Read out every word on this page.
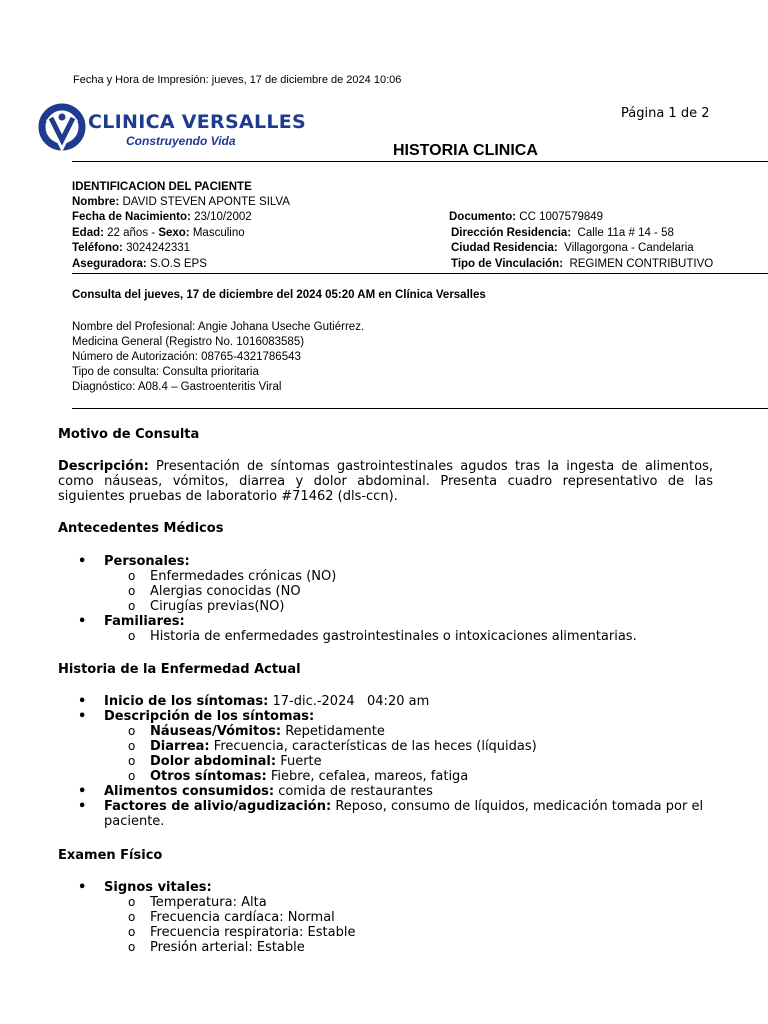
Fecha y Hora de Impresión: jueves, 17 de diciembre de 2024 10:06
CLINICA VERSALLES
Construyendo Vida
Página 1 de 2
HISTORIA CLINICA
IDENTIFICACION DEL PACIENTE
Nombre: DAVID STEVEN APONTE SILVA
Fecha de Nacimiento: 23/10/2002
Edad: 22 años - Sexo: Masculino
Teléfono: 3024242331
Aseguradora: S.O.S EPS
Documento: CC 1007579849
Dirección Residencia: Calle 11a # 14 - 58
Ciudad Residencia: Villagorgona - Candelaria
Tipo de Vinculación: REGIMEN CONTRIBUTIVO
Consulta del jueves, 17 de diciembre del 2024 05:20 AM en Clínica Versalles
Nombre del Profesional: Angie Johana Useche Gutiérrez.
Medicina General (Registro No. 1016083585)
Número de Autorización: 08765-4321786543
Tipo de consulta: Consulta prioritaria
Diagnóstico: A08.4 – Gastroenteritis Viral
Motivo de Consulta
Descripción: Presentación de síntomas gastrointestinales agudos tras la ingesta de alimentos, como náuseas, vómitos, diarrea y dolor abdominal. Presenta cuadro representativo de las siguientes pruebas de laboratorio #71462 (dls-ccn).
Antecedentes Médicos
• Personales:
o Enfermedades crónicas (NO)
o Alergias conocidas (NO
o Cirugías previas(NO)
• Familiares:
o Historia de enfermedades gastrointestinales o intoxicaciones alimentarias.
Historia de la Enfermedad Actual
• Inicio de los síntomas: 17-dic.-2024   04:20 am
• Descripción de los síntomas:
o Náuseas/Vómitos: Repetidamente
o Diarrea: Frecuencia, características de las heces (líquidas)
o Dolor abdominal: Fuerte
o Otros síntomas: Fiebre, cefalea, mareos, fatiga
• Alimentos consumidos: comida de restaurantes
• Factores de alivio/agudización: Reposo, consumo de líquidos, medicación tomada por el paciente.
Examen Físico
• Signos vitales:
o Temperatura: Alta
o Frecuencia cardíaca: Normal
o Frecuencia respiratoria: Estable
o Presión arterial: Estable
